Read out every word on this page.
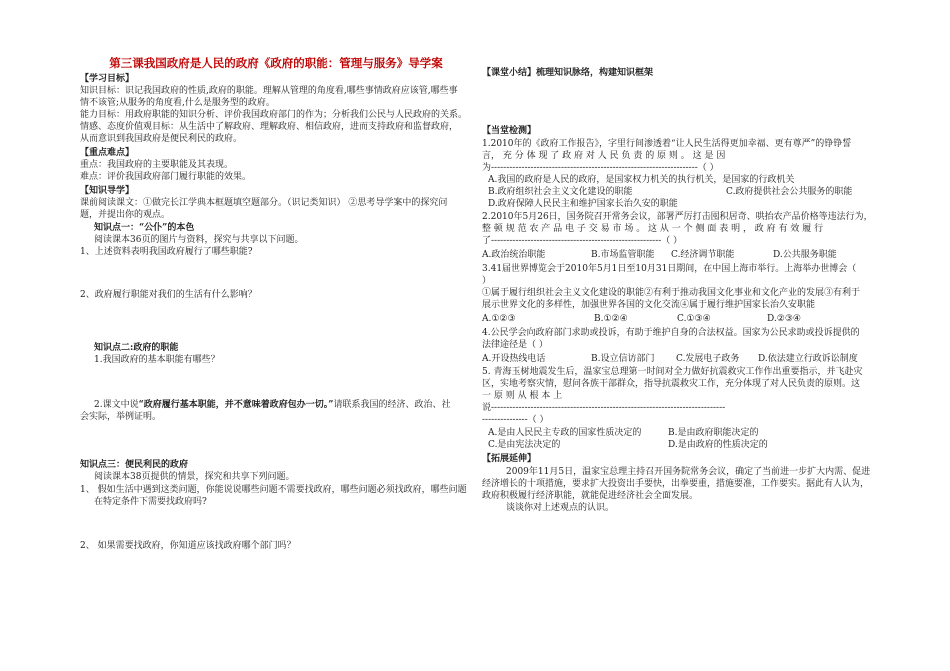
第三课我国政府是人民的政府《政府的职能：管理与服务》导学案
【学习目标】
知识目标：识记我国政府的性质,政府的职能。理解从管理的角度看,哪些事情政府应该管,哪些事
情不该管;从服务的角度看,什么是服务型的政府。
能力目标：用政府职能的知识分析、评价我国政府部门的作为；分析我们公民与人民政府的关系。
情感、态度价值观目标：从生活中了解政府、理解政府、相信政府，进而支持政府和监督政府，
从而意识到我国政府是便民利民的政府。
【重点难点】
重点：我国政府的主要职能及其表现。
难点：评价我国政府部门履行职能的效果。
【知识导学】
课前阅读课文：①做完长江学典本框题填空题部分。（识记类知识） ②思考导学案中的探究问
题，并提出你的观点。
知识点一：“公仆”的本色
阅读课本36页的图片与资料，探究与共享以下问题。
1、上述资料表明我国政府履行了哪些职能?
2、政府履行职能对我们的生活有什么影响？
知识点二:政府的职能
1.我国政府的基本职能有哪些？
2.课文中说“政府履行基本职能，并不意味着政府包办一切。”请联系我国的经济、政治、社
会实际，举例证明。
知识点三：便民利民的政府
阅读课本38页提供的情景，探究和共享下列问题。
1、 假如生活中遇到这类问题，你能说说哪些问题不需要找政府，哪些问题必须找政府，哪些问题
在特定条件下需要找政府吗?
2、 如果需要找政府，你知道应该找政府哪个部门吗？
【课堂小结】梳理知识脉络，构建知识框架
【当堂检测】
1.2010年的《政府工作报告》，字里行间渗透着“让人民生活得更加幸福、更有尊严”的铮铮誓
言， 充 分 体 现 了 政 府 对 人 民 负 责 的 原 则 。 这 是 因
为--------------------------------------------------------------------（ ）
A.我国的政府是人民的政府，是国家权力机关的执行机关，是国家的行政机关
B.政府组织社会主义文化建设的职能	C.政府提供社会公共服务的职能
D.政府保障人民民主和维护国家长治久安的职能
2.2010年5月26日，国务院召开常务会议，部署严厉打击囤积居奇、哄抬农产品价格等违法行为，
整 顿 规 范 农 产 品 电 子 交 易 市 场 。 这 从 一 个 侧 面 表 明 ， 政 府 有 效 履 行
了--------------------------------------------------------（ ）
A.政治统治职能	B.市场监管职能 C.经济调节职能	D.公共服务职能
3.41届世界博览会于2010年5月1日至10月31日期间，在中国上海市举行。上海举办世博会（
）
①属于履行组织社会主义文化建设的职能②有利于推动我国文化事业和文化产业的发展③有利于
展示世界文化的多样性，加强世界各国的文化交流④属于履行维护国家长治久安职能
A.①②③	B.①②④	C.①③④	D.②③④
4.公民学会向政府部门求助或投诉，有助于维护自身的合法权益。国家为公民求助或投诉提供的
法律途径是（ ）
A.开设热线电话	B.设立信访部门 C.发展电子政务 D.依法建立行政诉讼制度
5. 青海玉树地震发生后，温家宝总理第一时间对全力做好抗震救灾工作作出重要指示，并飞赴灾
区，实地考察灾情，慰问各族干部群众，指导抗震救灾工作，充分体现了对人民负责的原则。这
一 原 则 从 根 本 上
说-----------------------------------------------------------------------------
---------------（ ）
A.是由人民民主专政的国家性质决定的	B.是由政府职能决定的
C.是由宪法决定的	D.是由政府的性质决定的
【拓展延伸】
2009年11月5日，温家宝总理主持召开国务院常务会议，确定了当前进一步扩大内需、促进
经济增长的十项措施，要求扩大投资出手要快，出拳要重，措施要准，工作要实。据此有人认为，
政府积极履行经济职能，就能促进经济社会全面发展。
谈谈你对上述观点的认识。
